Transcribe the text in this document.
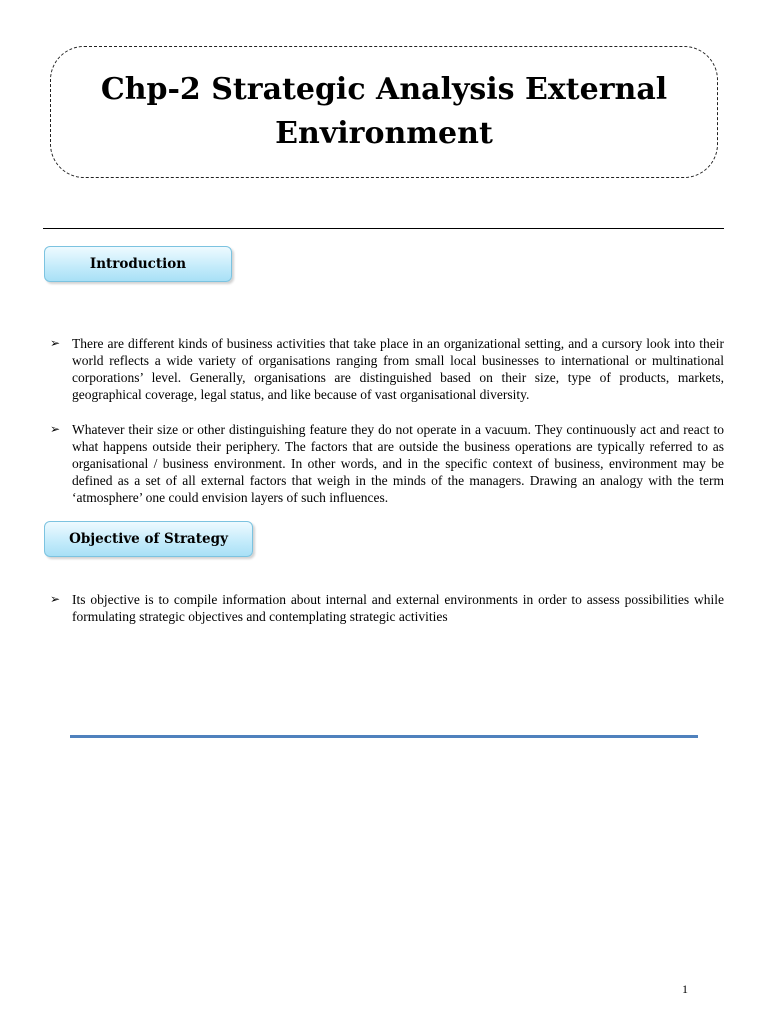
Chp-2 Strategic Analysis External Environment
Introduction
➢ There are different kinds of business activities that take place in an organizational setting, and a cursory look into their world reflects a wide variety of organisations ranging from small local businesses to international or multinational corporations’ level. Generally, organisations are distinguished based on their size, type of products, markets, geographical coverage, legal status, and like because of vast organisational diversity.

➢ Whatever their size or other distinguishing feature they do not operate in a vacuum. They continuously act and react to what happens outside their periphery. The factors that are outside the business operations are typically referred to as organisational / business environment. In other words, and in the specific context of business, environment may be defined as a set of all external factors that weigh in the minds of the managers. Drawing an analogy with the term ‘atmosphere’ one could envision layers of such influences.

Objective of Strategy
➢ Its objective is to compile information about internal and external environments in order to assess possibilities while formulating strategic objectives and contemplating strategic activities

1
